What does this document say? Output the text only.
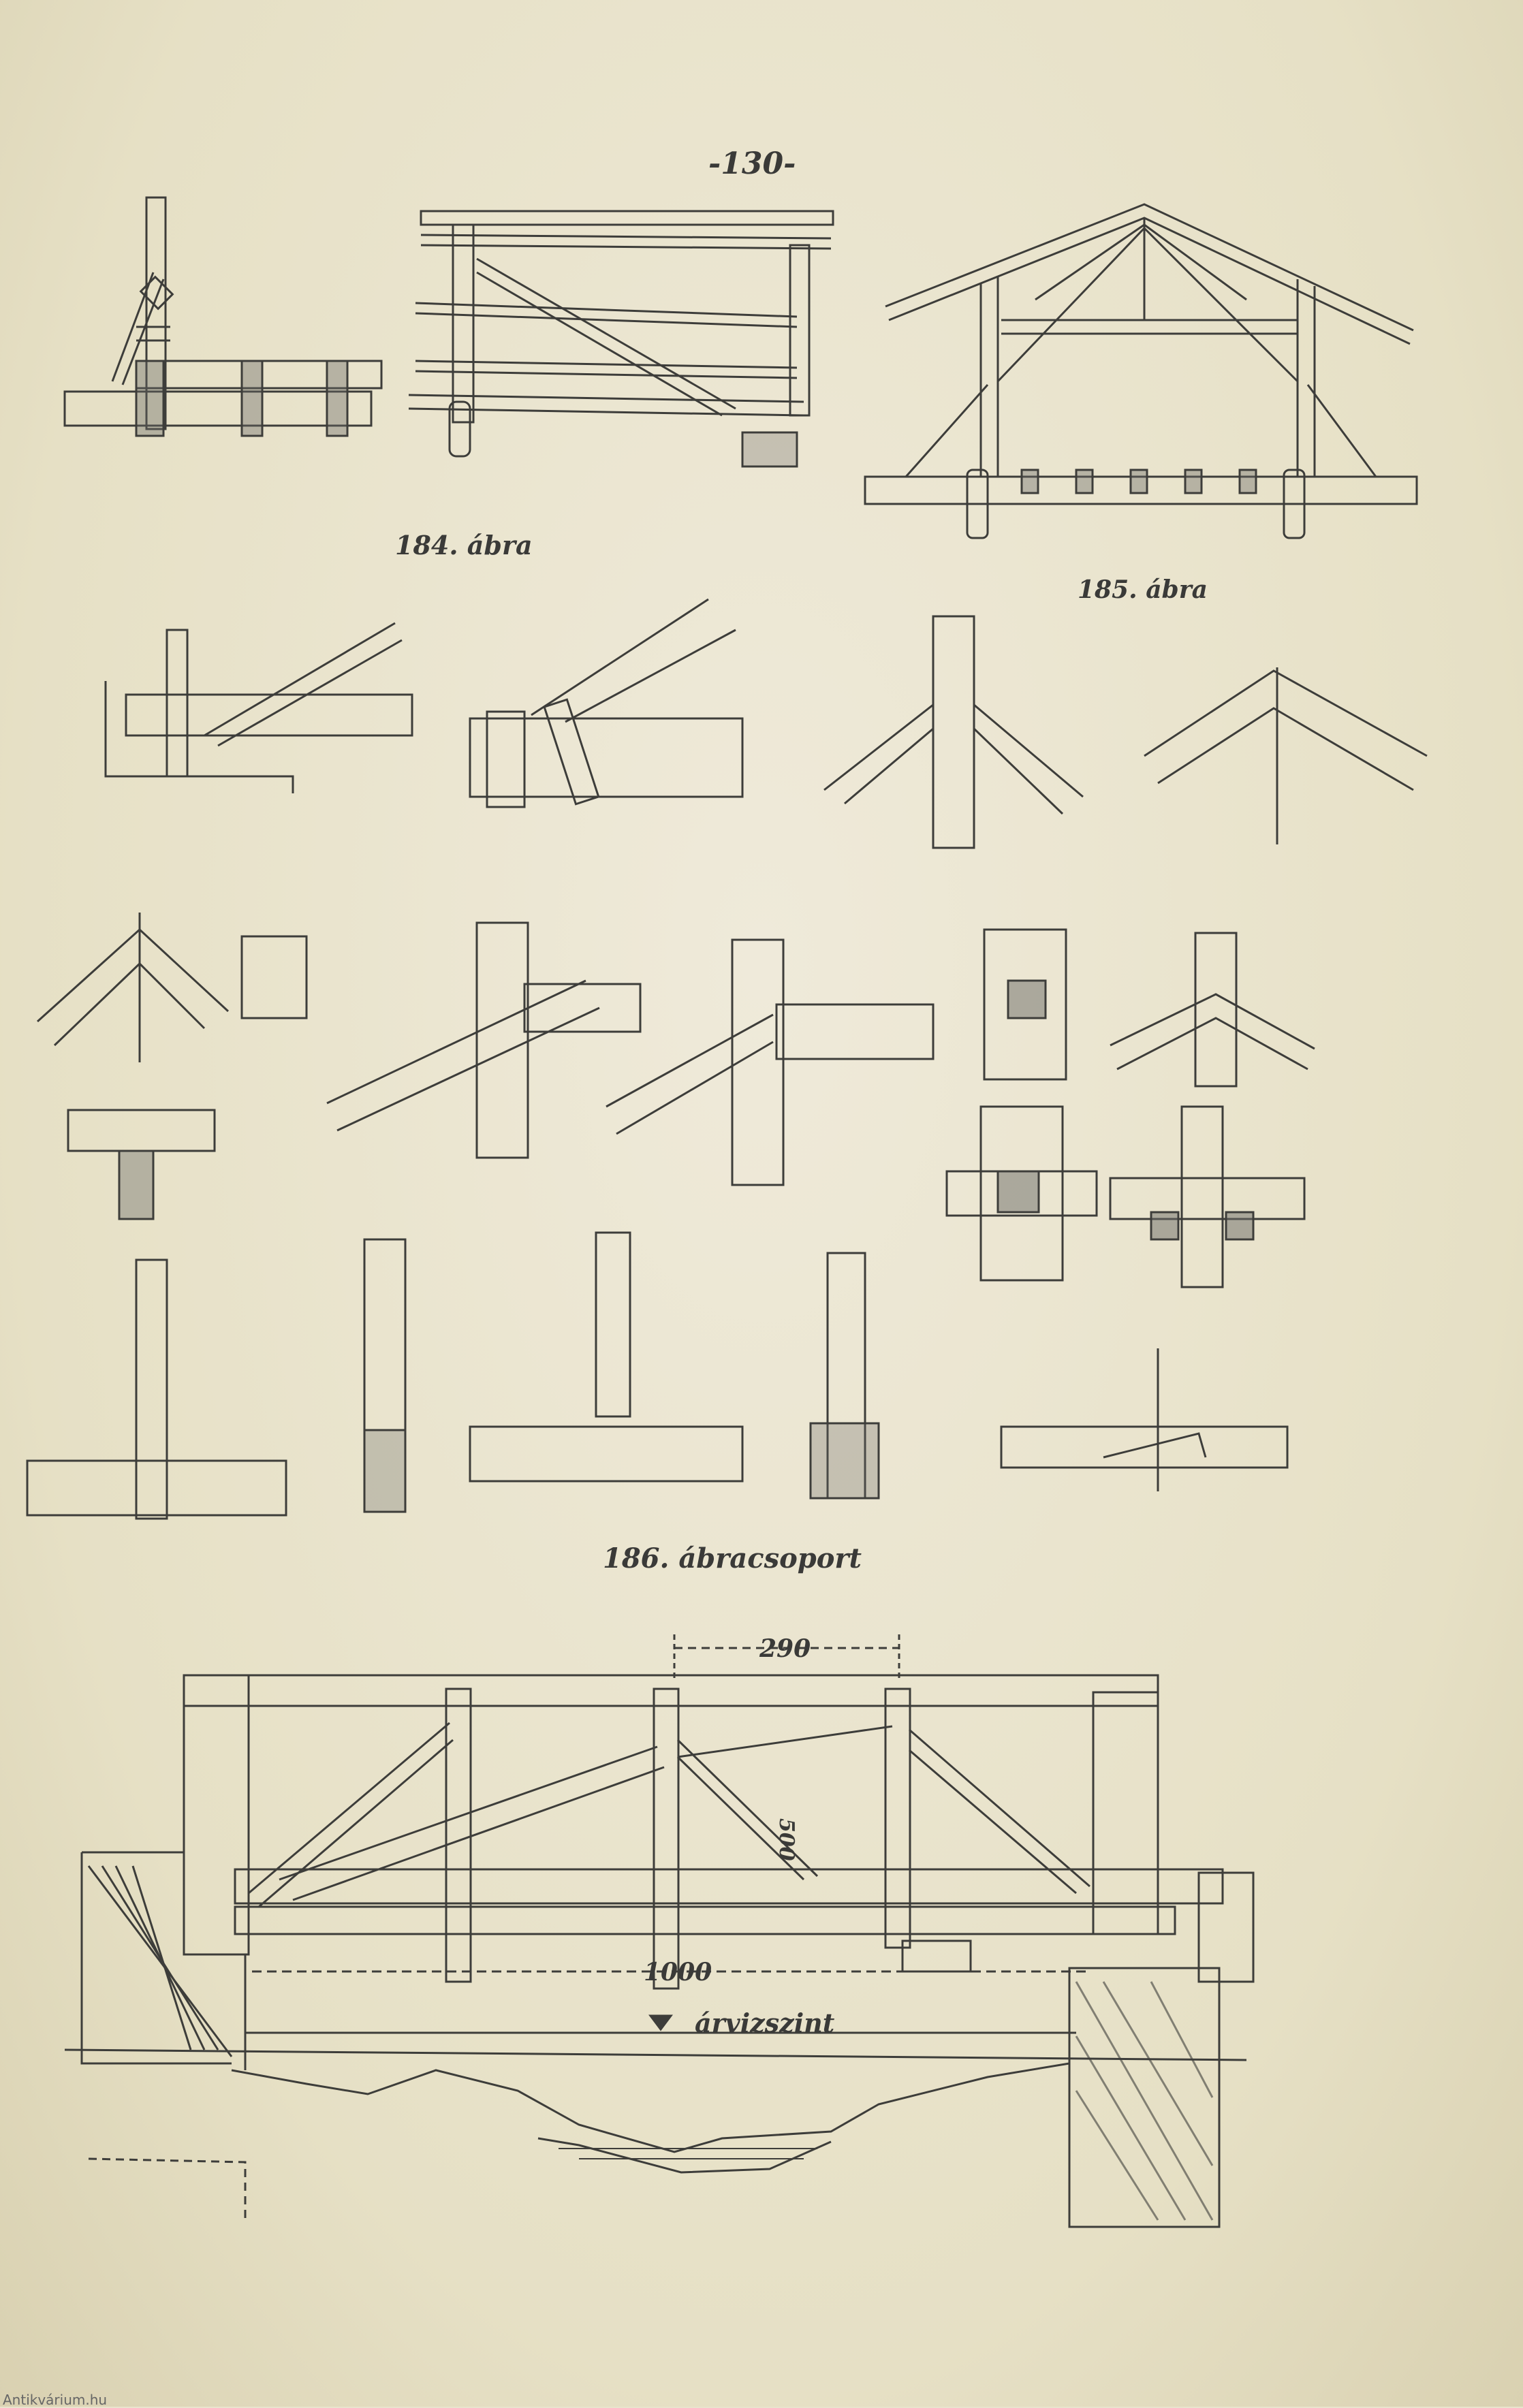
-130-
184. ábra
185. ábra
186. ábracsoport
290
500
1000
árvizszint
Antikvárium.hu
